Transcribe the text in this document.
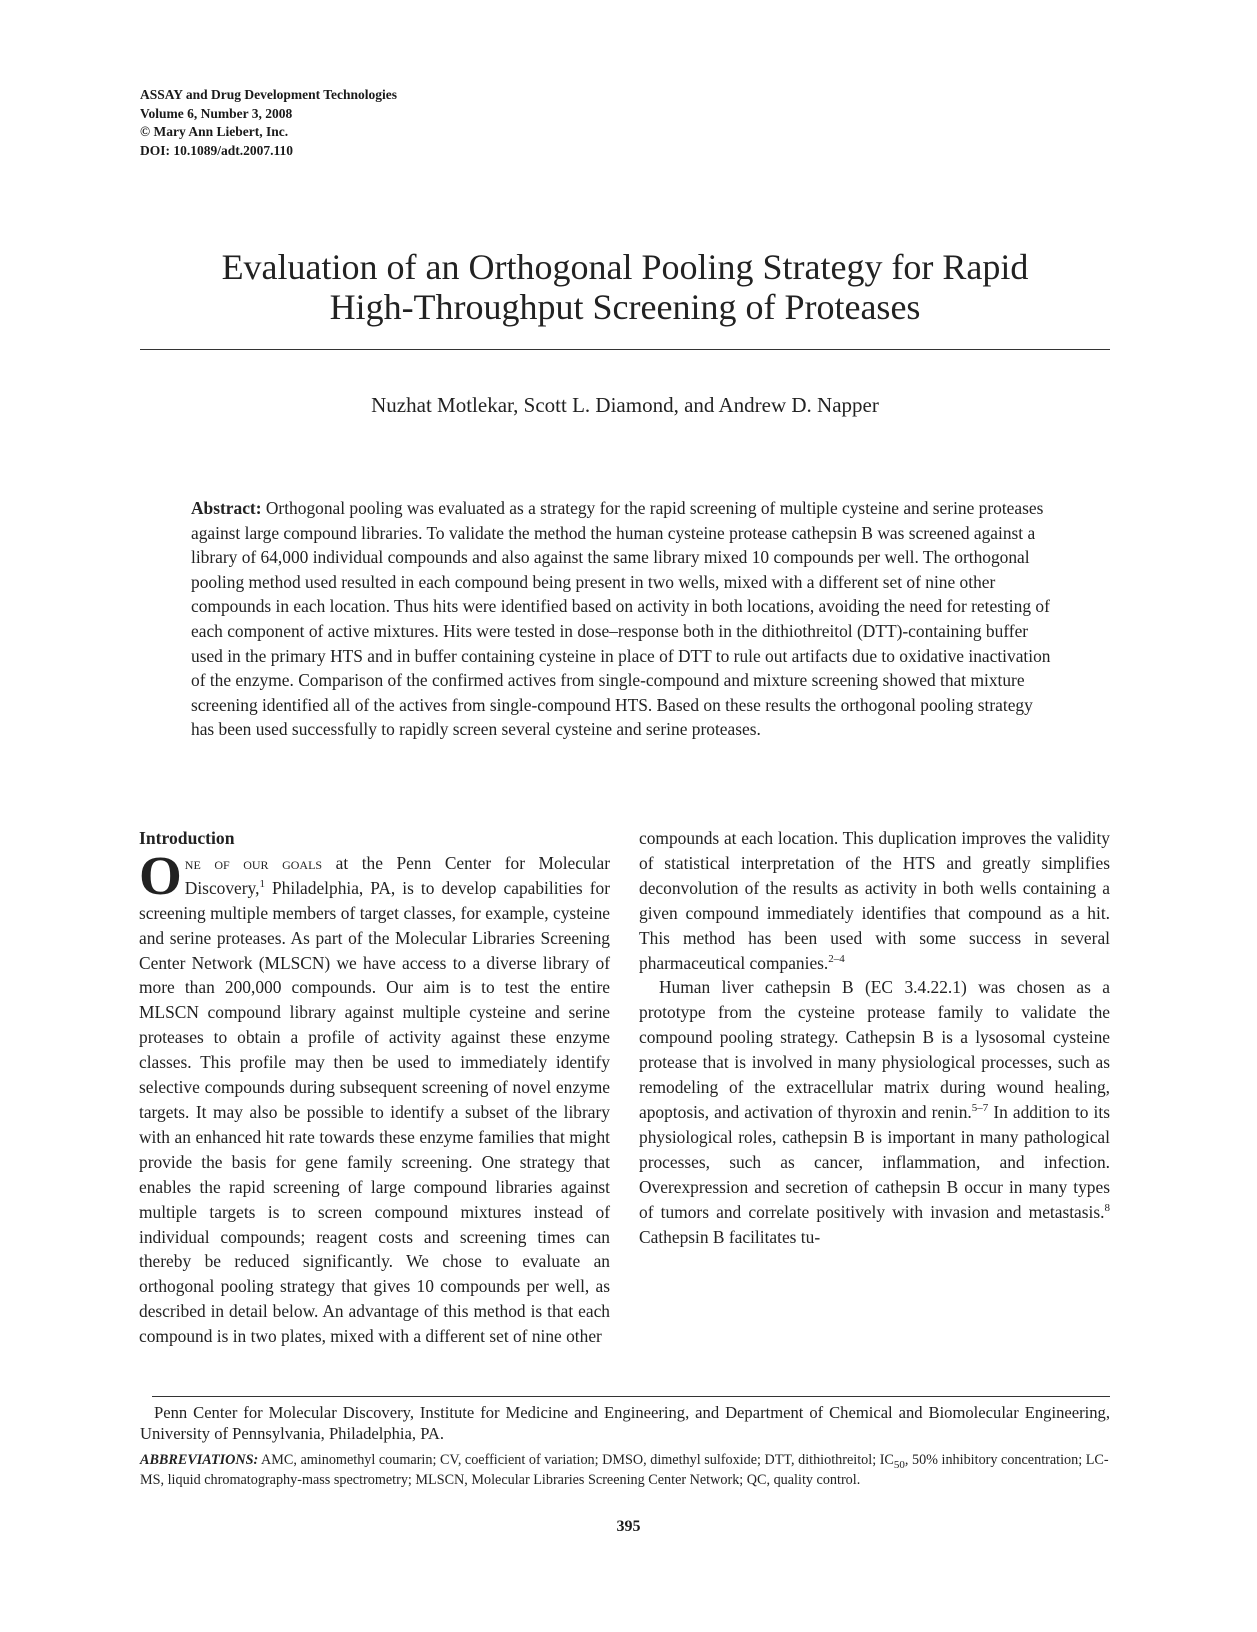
ASSAY and Drug Development Technologies
Volume 6, Number 3, 2008
© Mary Ann Liebert, Inc.
DOI: 10.1089/adt.2007.110
Evaluation of an Orthogonal Pooling Strategy for Rapid
High-Throughput Screening of Proteases
Nuzhat Motlekar, Scott L. Diamond, and Andrew D. Napper
Abstract: Orthogonal pooling was evaluated as a strategy for the rapid screening of multiple cysteine and serine proteases against large compound libraries. To validate the method the human cysteine protease cathepsin B was screened against a library of 64,000 individual compounds and also against the same library mixed 10 compounds per well. The orthogonal pooling method used resulted in each compound being present in two wells, mixed with a different set of nine other compounds in each location. Thus hits were identified based on activity in both locations, avoiding the need for retesting of each component of active mixtures. Hits were tested in dose–response both in the dithiothreitol (DTT)-containing buffer used in the primary HTS and in buffer containing cysteine in place of DTT to rule out artifacts due to oxidative inactivation of the enzyme. Comparison of the confirmed actives from single-compound and mixture screening showed that mixture screening identified all of the actives from single-compound HTS. Based on these results the orthogonal pooling strategy has been used successfully to rapidly screen several cysteine and serine proteases.

Introduction

One of our goals at the Penn Center for Molecular Discovery,$^1$ Philadelphia, PA, is to develop capabilities for screening multiple members of target classes, for example, cysteine and serine proteases. As part of the Molecular Libraries Screening Center Network (MLSCN) we have access to a diverse library of more than 200,000 compounds. Our aim is to test the entire MLSCN compound library against multiple cysteine and serine proteases to obtain a profile of activity against these enzyme classes. This profile may then be used to immediately identify selective compounds during subsequent screening of novel enzyme targets. It may also be possible to identify a subset of the library with an enhanced hit rate towards these enzyme families that might provide the basis for gene family screening. One strategy that enables the rapid screening of large compound libraries against multiple targets is to screen compound mixtures instead of individual compounds; reagent costs and screening times can thereby be reduced significantly. We chose to evaluate an orthogonal pooling strategy that gives 10 compounds per well, as described in detail below. An advantage of this method is that each compound is in two plates, mixed with a different set of nine other

compounds at each location. This duplication improves the validity of statistical interpretation of the HTS and greatly simplifies deconvolution of the results as activity in both wells containing a given compound immediately identifies that compound as a hit. This method has been used with some success in several pharmaceutical companies.$^{2-4}$

Human liver cathepsin B (EC 3.4.22.1) was chosen as a prototype from the cysteine protease family to validate the compound pooling strategy. Cathepsin B is a lysosomal cysteine protease that is involved in many physiological processes, such as remodeling of the extracellular matrix during wound healing, apoptosis, and activation of thyroxin and renin.$^{5-7}$ In addition to its physiological roles, cathepsin B is important in many pathological processes, such as cancer, inflammation, and infection. Overexpression and secretion of cathepsin B occur in many types of tumors and correlate positively with invasion and metastasis.$^8$ Cathepsin B facilitates tu-

Penn Center for Molecular Discovery, Institute for Medicine and Engineering, and Department of Chemical and Biomolecular Engineering, University of Pennsylvania, Philadelphia, PA.
ABBREVIATIONS: AMC, aminomethyl coumarin; CV, coefficient of variation; DMSO, dimethyl sulfoxide; DTT, dithiothreitol; $IC_{50}$, 50% inhibitory concentration; LC-MS, liquid chromatography-mass spectrometry; MLSCN, Molecular Libraries Screening Center Network; QC, quality control.
395
